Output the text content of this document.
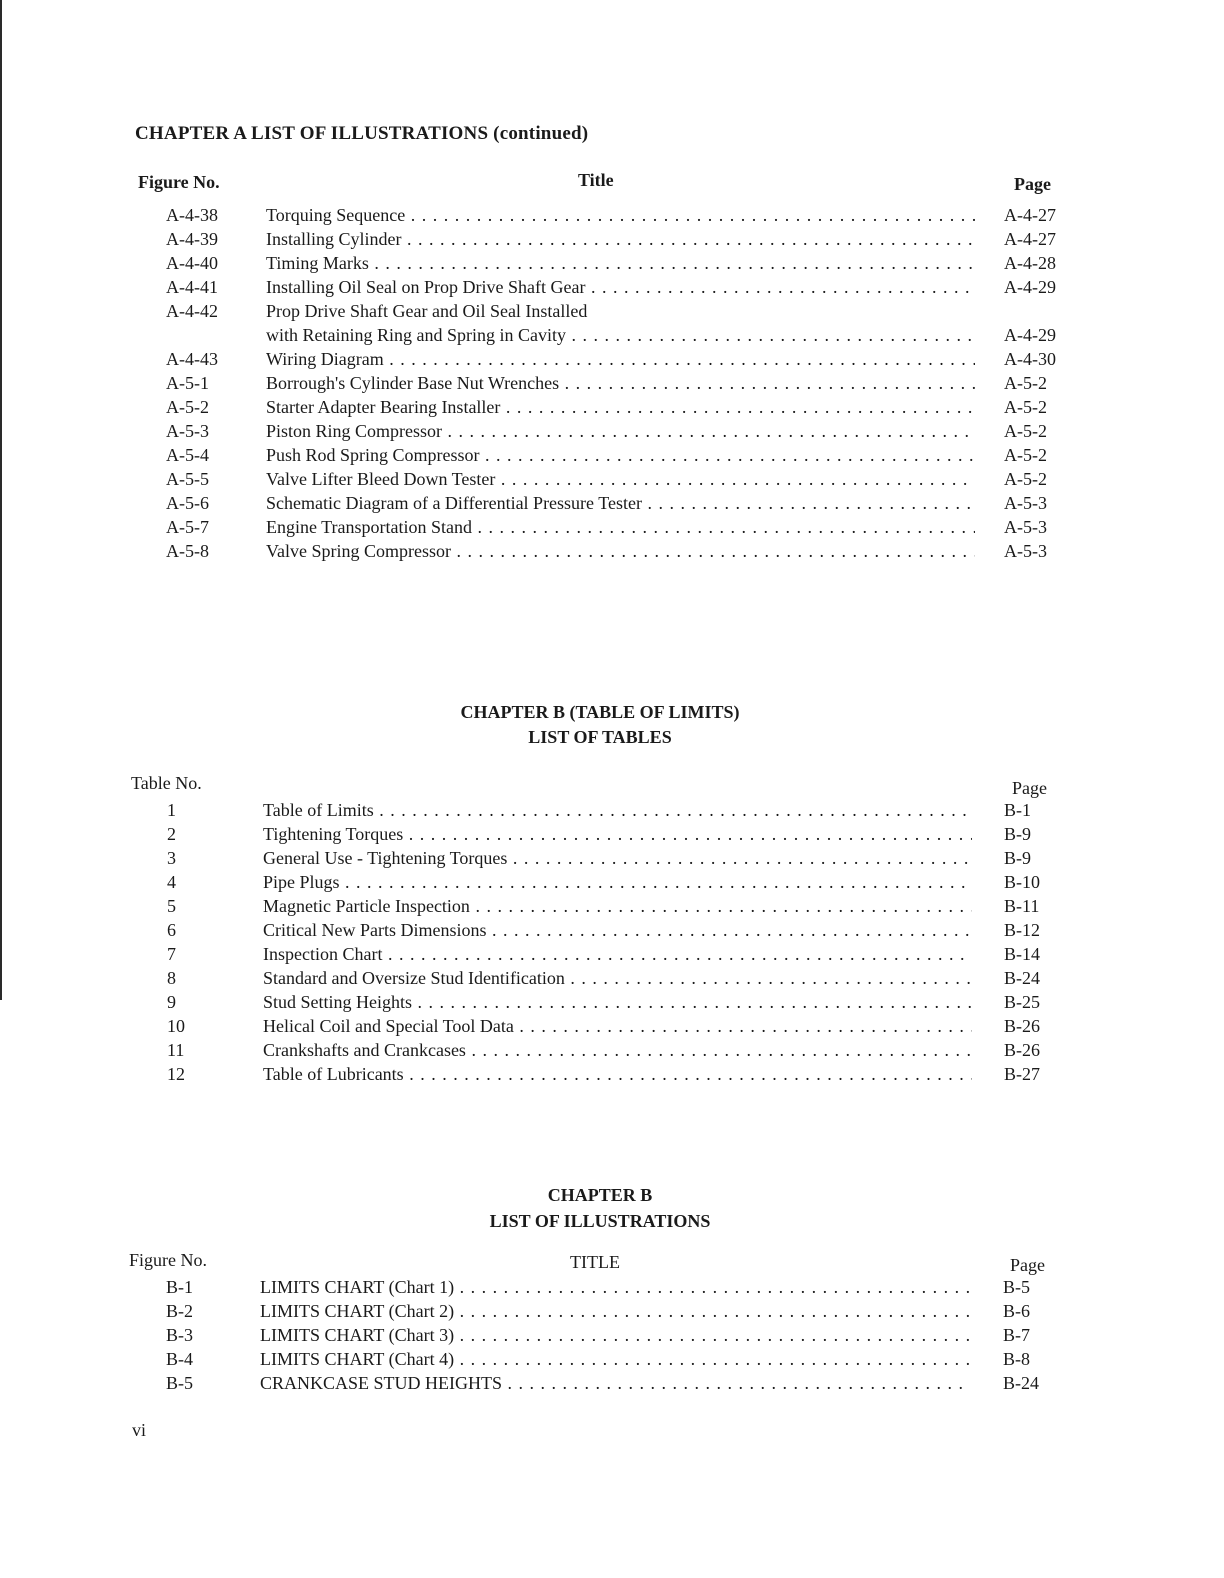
CHAPTER A LIST OF ILLUSTRATIONS (continued)
Figure No.	Title	Page
A-4-38	Torquing Sequence . . .	A-4-27
A-4-39	Installing Cylinder . . .	A-4-27
A-4-40	Timing Marks . . .	A-4-28
A-4-41	Installing Oil Seal on Prop Drive Shaft Gear . . .	A-4-29
A-4-42	Prop Drive Shaft Gear and Oil Seal Installed
with Retaining Ring and Spring in Cavity . . .	A-4-29
A-4-43	Wiring Diagram . . .	A-4-30
A-5-1	Borrough's Cylinder Base Nut Wrenches . . .	A-5-2
A-5-2	Starter Adapter Bearing Installer . . .	A-5-2
A-5-3	Piston Ring Compressor . . .	A-5-2
A-5-4	Push Rod Spring Compressor . . .	A-5-2
A-5-5	Valve Lifter Bleed Down Tester . . .	A-5-2
A-5-6	Schematic Diagram of a Differential Pressure Tester . . .	A-5-3
A-5-7	Engine Transportation Stand . . .	A-5-3
A-5-8	Valve Spring Compressor . . .	A-5-3
CHAPTER B (TABLE OF LIMITS)
LIST OF TABLES
Table No.	Page
1	Table of Limits . . .	B-1
2	Tightening Torques . . .	B-9
3	General Use - Tightening Torques . . .	B-9
4	Pipe Plugs . . .	B-10
5	Magnetic Particle Inspection . . .	B-11
6	Critical New Parts Dimensions . . .	B-12
7	Inspection Chart . . .	B-14
8	Standard and Oversize Stud Identification . . .	B-24
9	Stud Setting Heights . . .	B-25
10	Helical Coil and Special Tool Data . . .	B-26
11	Crankshafts and Crankcases . . .	B-26
12	Table of Lubricants . . .	B-27
CHAPTER B
LIST OF ILLUSTRATIONS
Figure No.	TITLE	Page
B-1	LIMITS CHART (Chart 1) . . .	B-5
B-2	LIMITS CHART (Chart 2) . . .	B-6
B-3	LIMITS CHART (Chart 3) . . .	B-7
B-4	LIMITS CHART (Chart 4) . . .	B-8
B-5	CRANKCASE STUD HEIGHTS . . .	B-24
vi
